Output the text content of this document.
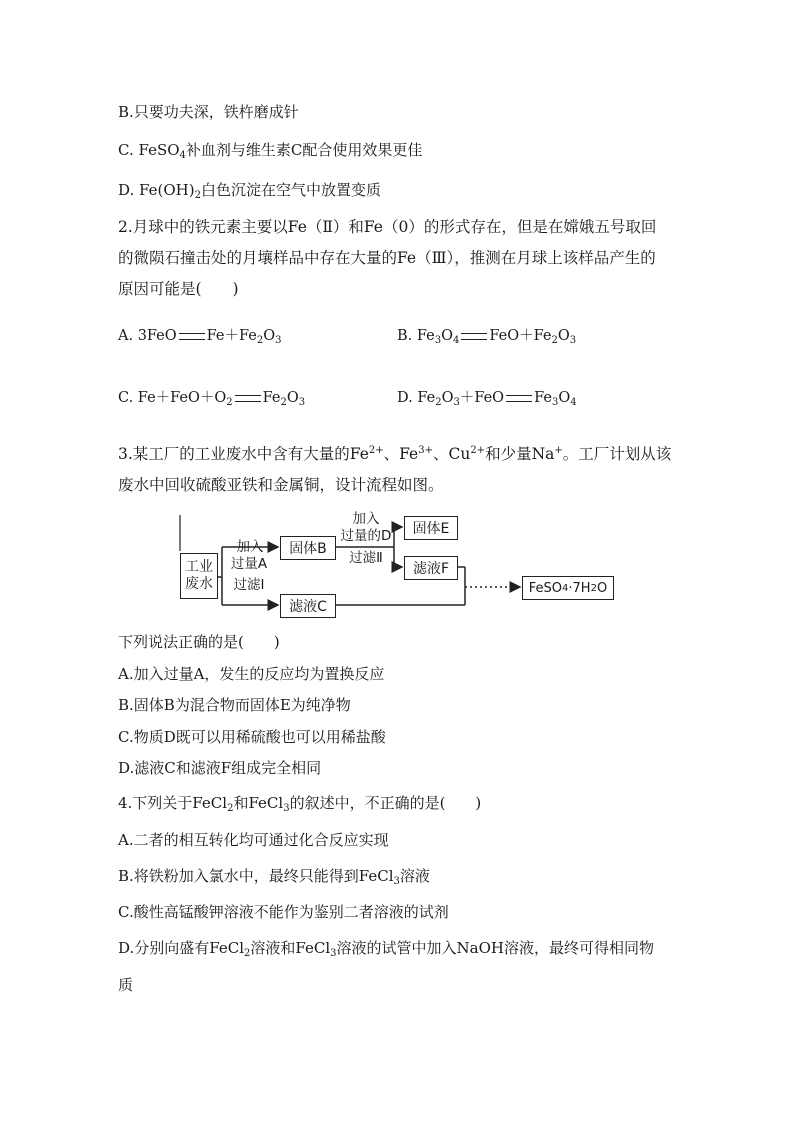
B.只要功夫深，铁杵磨成针
C. FeSO$_4$补血剂与维生素C配合使用效果更佳
D. $Fe(OH)_2$白色沉淀在空气中放置变质
2.月球中的铁元素主要以Fe（Ⅱ）和Fe（0）的形式存在，但是在嫦娥五号取回
的微陨石撞击处的月壤样品中存在大量的Fe（Ⅲ），推测在月球上该样品产生的
原因可能是(　　)
A. 3FeO $Fe+Fe_2O_3$	B. $Fe_3O_4$ $FeO+Fe_2O_3$
C. $Fe+FeO+O_2$ $Fe_2O_3$	D. $Fe_2O_3+FeO$ $Fe_3O_4$
3.某工厂的工业废水中含有大量的$Fe^{2+}$、$Fe^{3+}$、$Cu^{2+}$和少量Na+。工厂计划从该
废水中回收硫酸亚铁和金属铜，设计流程如图。
工业
废水
加入
过量A
过滤Ⅰ
固体B
加入
过量的D
过滤Ⅱ
固体E
滤液F
滤液C
FeSO 4 ·7H 2 O
下列说法正确的是(　　)
A.加入过量A，发生的反应均为置换反应
B.固体B为混合物而固体E为纯净物
C.物质D既可以用稀硫酸也可以用稀盐酸
D.滤液C和滤液F组成完全相同
4.下列关于FeCl$_2$和FeCl$_3$的叙述中，不正确的是(　　)
A.二者的相互转化均可通过化合反应实现
B.将铁粉加入氯水中，最终只能得到FeCl$_3$溶液
C.酸性高锰酸钾溶液不能作为鉴别二者溶液的试剂
D.分别向盛有FeCl$_2$溶液和FeCl$_3$溶液的试管中加入NaOH溶液，最终可得相同物
质
